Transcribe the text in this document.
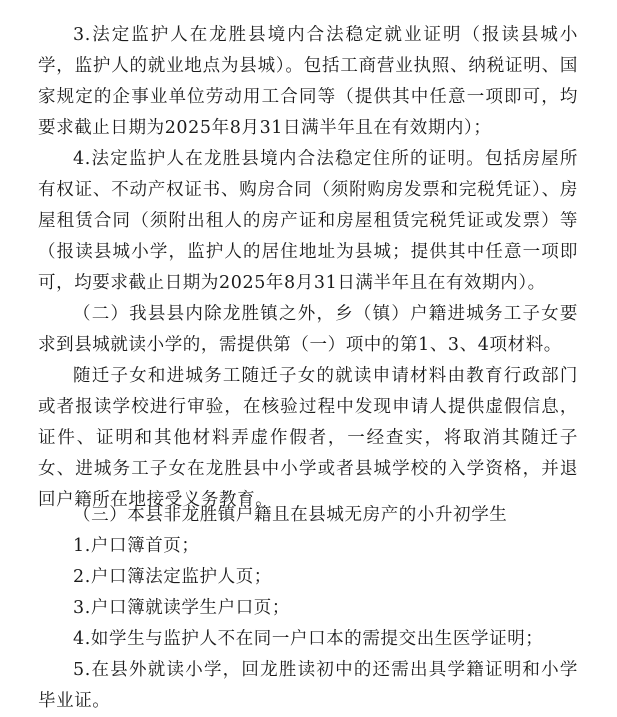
3.法定监护人在龙胜县境内合法稳定就业证明（报读县城小学，监护人的就业地点为县城）。包括工商营业执照、纳税证明、国家规定的企事业单位劳动用工合同等（提供其中任意一项即可，均要求截止日期为2025年8月31日满半年且在有效期内）；

4.法定监护人在龙胜县境内合法稳定住所的证明。包括房屋所有权证、不动产权证书、购房合同（须附购房发票和完税凭证）、房屋租赁合同（须附出租人的房产证和房屋租赁完税凭证或发票）等（报读县城小学，监护人的居住地址为县城；提供其中任意一项即可，均要求截止日期为2025年8月31日满半年且在有效期内）。

（二）我县县内除龙胜镇之外，乡（镇）户籍进城务工子女要求到县城就读小学的，需提供第（一）项中的第1、3、4项材料。

随迁子女和进城务工随迁子女的就读申请材料由教育行政部门或者报读学校进行审验，在核验过程中发现申请人提供虚假信息，证件、证明和其他材料弄虚作假者，一经查实，将取消其随迁子女、进城务工子女在龙胜县中小学或者县城学校的入学资格，并退回户籍所在地接受义务教育。

（三）本县非龙胜镇户籍且在县城无房产的小升初学生

1.户口簿首页；

2.户口簿法定监护人页；

3.户口簿就读学生户口页；

4.如学生与监护人不在同一户口本的需提交出生医学证明；

5.在县外就读小学，回龙胜读初中的还需出具学籍证明和小学毕业证。
